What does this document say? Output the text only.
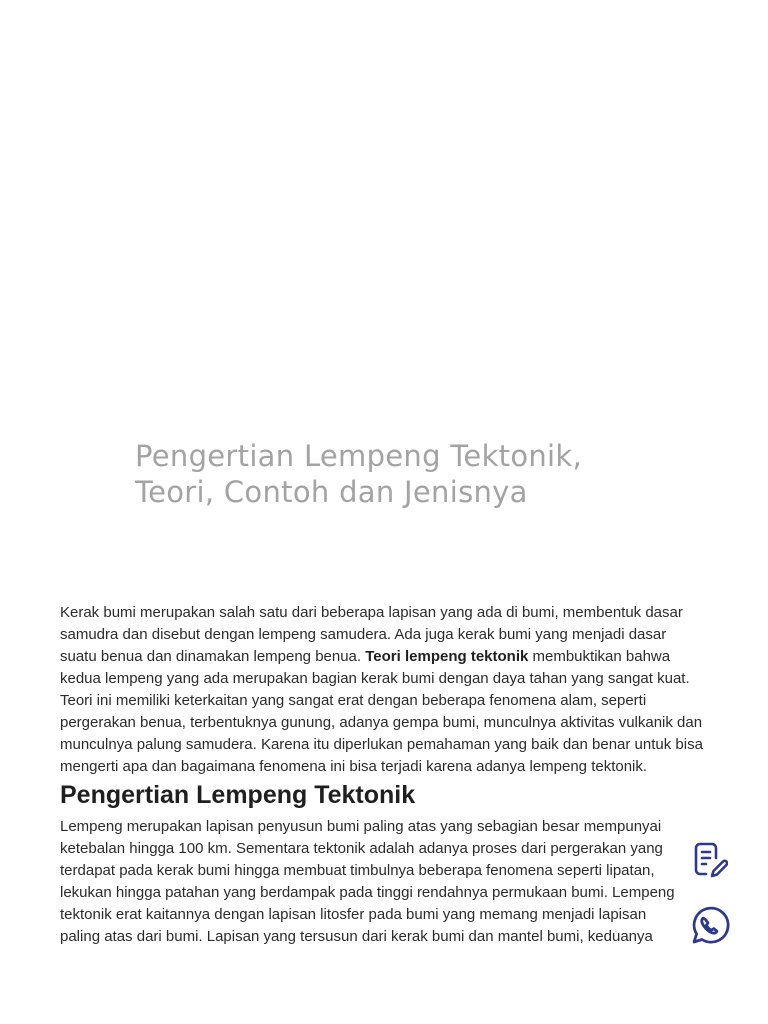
Pengertian Lempeng Tektonik,
Teori, Contoh dan Jenisnya

Kerak bumi merupakan salah satu dari beberapa lapisan yang ada di bumi, membentuk dasar samudra dan disebut dengan lempeng samudera. Ada juga kerak bumi yang menjadi dasar suatu benua dan dinamakan lempeng benua. Teori lempeng tektonik membuktikan bahwa kedua lempeng yang ada merupakan bagian kerak bumi dengan daya tahan yang sangat kuat. Teori ini memiliki keterkaitan yang sangat erat dengan beberapa fenomena alam, seperti pergerakan benua, terbentuknya gunung, adanya gempa bumi, munculnya aktivitas vulkanik dan munculnya palung samudera. Karena itu diperlukan pemahaman yang baik dan benar untuk bisa mengerti apa dan bagaimana fenomena ini bisa terjadi karena adanya lempeng tektonik.

Pengertian Lempeng Tektonik

Lempeng merupakan lapisan penyusun bumi paling atas yang sebagian besar mempunyai ketebalan hingga 100 km. Sementara tektonik adalah adanya proses dari pergerakan yang terdapat pada kerak bumi hingga membuat timbulnya beberapa fenomena seperti lipatan, lekukan hingga patahan yang berdampak pada tinggi rendahnya permukaan bumi. Lempeng tektonik erat kaitannya dengan lapisan litosfer pada bumi yang memang menjadi lapisan paling atas dari bumi. Lapisan yang tersusun dari kerak bumi dan mantel bumi, keduanya
